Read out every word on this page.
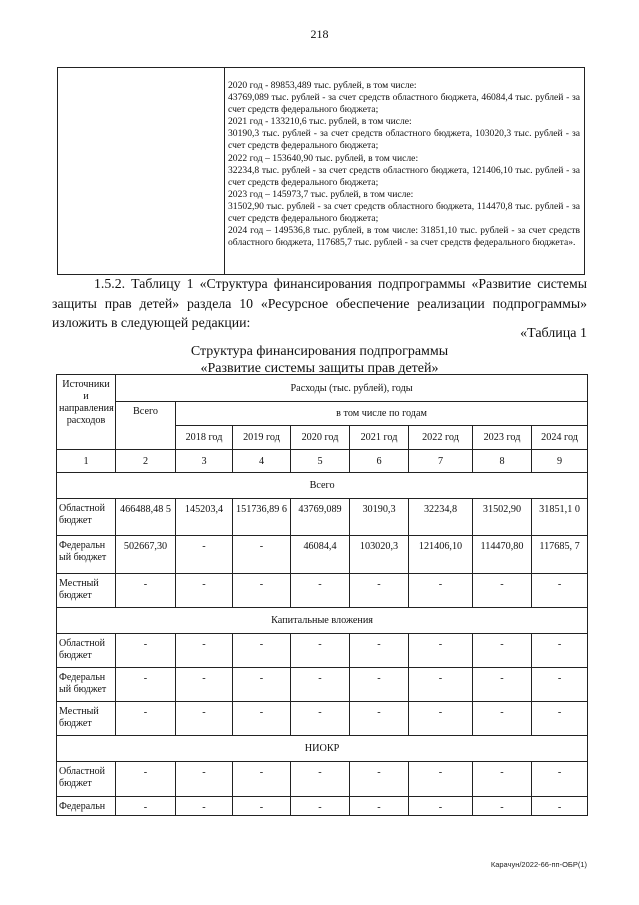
218
2020 год - 89853,489 тыс. рублей, в том числе:
43769,089 тыс. рублей - за счет средств областного бюджета, 46084,4 тыс. рублей - за счет средств федерального бюджета;
2021 год - 133210,6 тыс. рублей, в том числе:
30190,3 тыс. рублей - за счет средств областного бюджета, 103020,3 тыс. рублей - за счет средств федерального бюджета;
2022 год – 153640,90 тыс. рублей, в том числе:
32234,8 тыс. рублей - за счет средств областного бюджета, 121406,10 тыс. рублей - за счет средств федерального бюджета;
2023 год – 145973,7 тыс. рублей, в том числе:
31502,90 тыс. рублей - за счет средств областного бюджета, 114470,8 тыс. рублей - за счет средств федерального бюджета;
2024 год – 149536,8 тыс. рублей, в том числе: 31851,10 тыс. рублей - за счет средств областного бюджета, 117685,7 тыс. рублей - за счет средств федерального бюджета».
1.5.2. Таблицу 1 «Структура финансирования подпрограммы «Развитие системы защиты прав детей» раздела 10 «Ресурсное обеспечение реализации подпрограммы» изложить в следующей редакции:
«Таблица 1
Структура финансирования подпрограммы
«Развитие системы защиты прав детей»
Источники и направления расходов	Расходы (тыс. рублей), годы							
	Всего	в том числе по годам						
		2018 год	2019 год	2020 год	2021 год	2022 год	2023 год	2024 год
1	2	3	4	5	6	7	8	9
Всего								
Областной бюджет	466488,48 5	145203,4	151736,89 6	43769,089	30190,3	32234,8	31502,90	31851,1 0
Федеральн ый бюджет	502667,30	-	-	46084,4	103020,3	121406,10	114470,80	117685, 7
Местный бюджет	-	-	-	-	-	-	-	-
Капитальные вложения								
Областной бюджет	-	-	-	-	-	-	-	-
Федеральн ый бюджет	-	-	-	-	-	-	-	-
Местный бюджет	-	-	-	-	-	-	-	-
НИОКР								
Областной бюджет	-	-	-	-	-	-	-	-
Федеральн	-	-	-	-	-	-	-	-
Карачун/2022-66-пп-ОБР(1)
